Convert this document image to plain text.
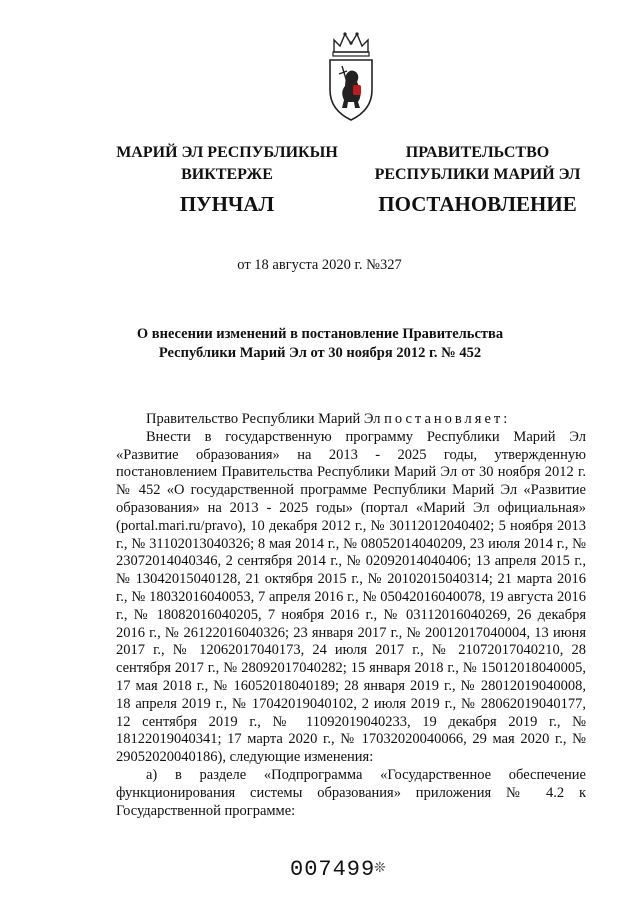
МАРИЙ ЭЛ РЕСПУБЛИКЫН
ВИКТЕРЖЕ
ПУНЧАЛ
ПРАВИТЕЛЬСТВО
РЕСПУБЛИКИ МАРИЙ ЭЛ
ПОСТАНОВЛЕНИЕ
от 18 августа 2020 г. №327
О внесении изменений в постановление Правительства
Республики Марий Эл от 30 ноября 2012 г. № 452

Правительство Республики Марий Эл постановляет:

Внести в государственную программу Республики Марий Эл «Развитие образования» на 2013 - 2025 годы, утвержденную постановлением Правительства Республики Марий Эл от 30 ноября 2012 г. № 452 «О государственной программе Республики Марий Эл «Развитие образования» на 2013 - 2025 годы» (портал «Марий Эл официальная» (portal.mari.ru/pravo), 10 декабря 2012 г., № 30112012040402; 5 ноября 2013 г., № 31102013040326; 8 мая 2014 г., № 08052014040209, 23 июля 2014 г., № 23072014040346, 2 сентября 2014 г., № 02092014040406; 13 апреля 2015 г., № 13042015040128, 21 октября 2015 г., № 20102015040314; 21 марта 2016 г., № 18032016040053, 7 апреля 2016 г., № 05042016040078, 19 августа 2016 г., № 18082016040205, 7 ноября 2016 г., № 03112016040269, 26 декабря 2016 г., № 26122016040326; 23 января 2017 г., № 20012017040004, 13 июня 2017 г., № 12062017040173, 24 июля 2017 г., № 21072017040210, 28 сентября 2017 г., № 28092017040282; 15 января 2018 г., № 15012018040005, 17 мая 2018 г., № 16052018040189; 28 января 2019 г., № 28012019040008, 18 апреля 2019 г., № 17042019040102, 2 июля 2019 г., № 28062019040177, 12 сентября 2019 г., № 11092019040233, 19 декабря 2019 г., № 18122019040341; 17 марта 2020 г., № 17032020040066, 29 мая 2020 г., № 29052020040186), следующие изменения:

а) в разделе «Подпрограмма «Государственное обеспечение функционирования системы образования» приложения № 4.2 к Государственной программе:

007499
❊
